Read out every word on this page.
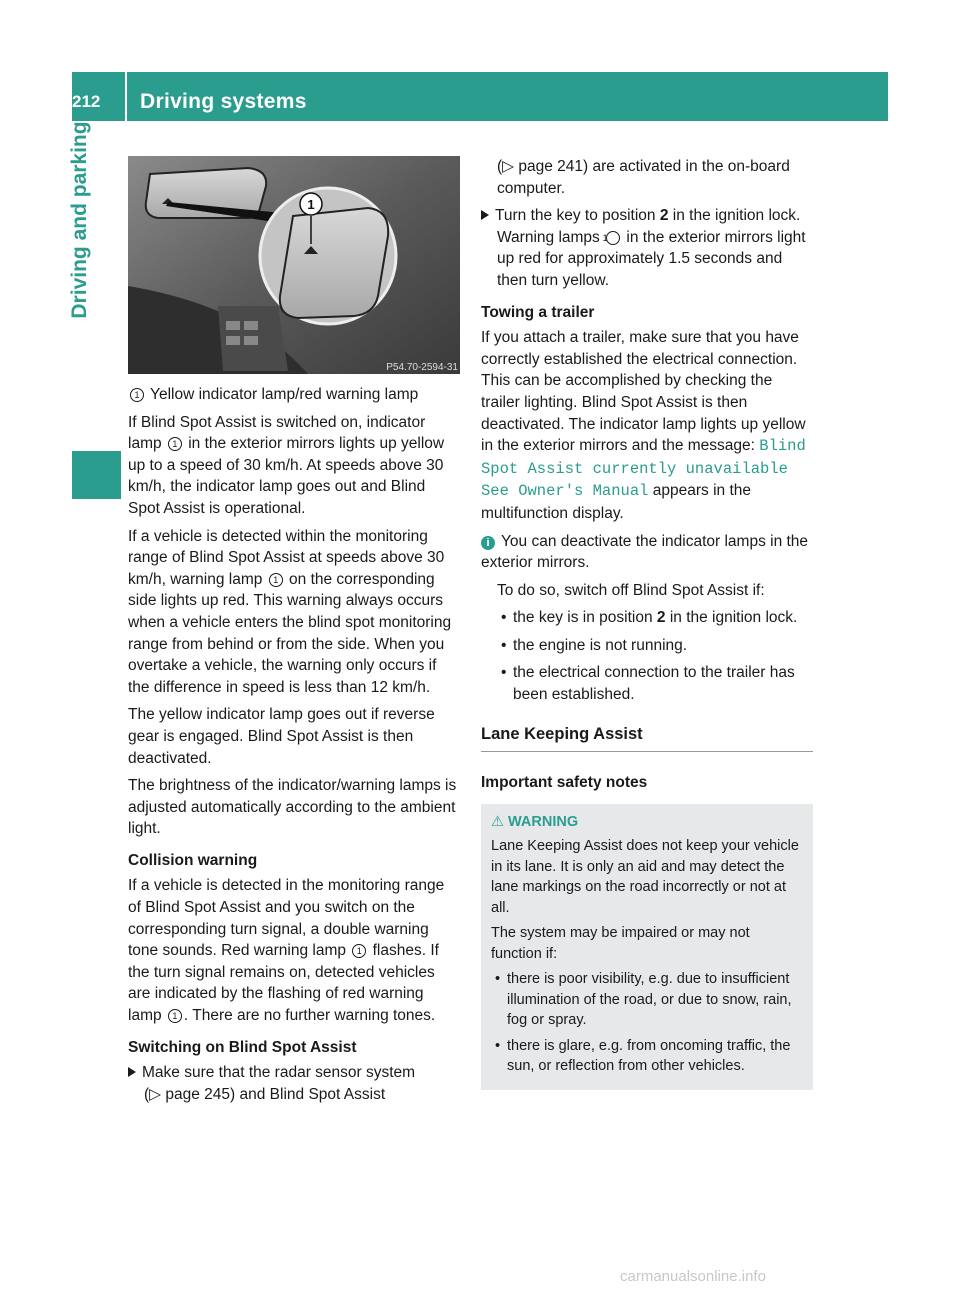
212	Driving systems
Driving and parking	1
P54.70-2594-31

1 Yellow indicator lamp/red warning lamp

If Blind Spot Assist is switched on, indicator lamp 1 in the exterior mirrors lights up yellow up to a speed of 30 km/h. At speeds above 30 km/h, the indicator lamp goes out and Blind Spot Assist is operational.

If a vehicle is detected within the monitoring range of Blind Spot Assist at speeds above 30 km/h, warning lamp 1 on the corresponding side lights up red. This warning always occurs when a vehicle enters the blind spot monitoring range from behind or from the side. When you overtake a vehicle, the warning only occurs if the difference in speed is less than 12 km/h.

The yellow indicator lamp goes out if reverse gear is engaged. Blind Spot Assist is then deactivated.

The brightness of the indicator/warning lamps is adjusted automatically according to the ambient light.

Collision warning

If a vehicle is detected in the monitoring range of Blind Spot Assist and you switch on the corresponding turn signal, a double warning tone sounds. Red warning lamp 1 flashes. If the turn signal remains on, detected vehicles are indicated by the flashing of red warning lamp 1 . There are no further warning tones.

Switching on Blind Spot Assist

Make sure that the radar sensor system
(▷ page 245) and Blind Spot Assist

(▷ page 241) are activated in the on-board computer.

Turn the key to position 2 in the ignition lock.
Warning lamps 1 in the exterior mirrors light up red for approximately 1.5 seconds and then turn yellow.

Towing a trailer

If you attach a trailer, make sure that you have correctly established the electrical connection. This can be accomplished by checking the trailer lighting. Blind Spot Assist is then deactivated. The indicator lamp lights up yellow in the exterior mirrors and the message: Blind Spot Assist currently unavailable See Owner's Manual appears in the multifunction display.

i You can deactivate the indicator lamps in the exterior mirrors.

To do so, switch off Blind Spot Assist if:

• the key is in position 2 in the ignition lock.

• the engine is not running.

• the electrical connection to the trailer has been established.

Lane Keeping Assist
Important safety notes
⚠ WARNING

Lane Keeping Assist does not keep your vehicle in its lane. It is only an aid and may detect the lane markings on the road incorrectly or not at all.

The system may be impaired or may not function if:

• there is poor visibility, e.g. due to insufficient illumination of the road, or due to snow, rain, fog or spray.

• there is glare, e.g. from oncoming traffic, the sun, or reflection from other vehicles.

carmanualsonline.info
